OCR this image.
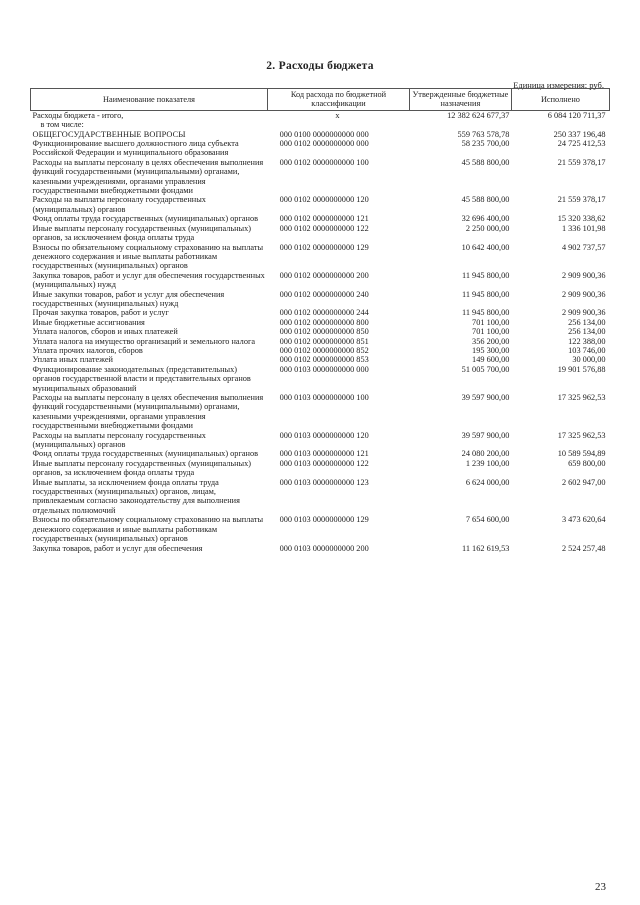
2. Расходы бюджета
Единица измерения: руб.
Наименование показателя	Код расхода по бюджетной классификации	Утвержденные бюджетные назначения	Исполнено
Расходы бюджета - итого,	x	12 382 624 677,37	6 084 120 711,37
в том числе:			
ОБЩЕГОСУДАРСТВЕННЫЕ ВОПРОСЫ	000 0100 0000000000 000	559 763 578,78	250 337 196,48
Функционирование высшего должностного лица субъекта Российской Федерации и муниципального образования	000 0102 0000000000 000	58 235 700,00	24 725 412,53
Расходы на выплаты персоналу в целях обеспечения выполнения функций государственными (муниципальными) органами, казенными учреждениями, органами управления государственными внебюджетными фондами	000 0102 0000000000 100	45 588 800,00	21 559 378,17
Расходы на выплаты персоналу государственных (муниципальных) органов	000 0102 0000000000 120	45 588 800,00	21 559 378,17
Фонд оплаты труда государственных (муниципальных) органов	000 0102 0000000000 121	32 696 400,00	15 320 338,62
Иные выплаты персоналу государственных (муниципальных) органов, за исключением фонда оплаты труда	000 0102 0000000000 122	2 250 000,00	1 336 101,98
Взносы по обязательному социальному страхованию на выплаты денежного содержания и иные выплаты работникам государственных (муниципальных) органов	000 0102 0000000000 129	10 642 400,00	4 902 737,57
Закупка товаров, работ и услуг для обеспечения государственных (муниципальных) нужд	000 0102 0000000000 200	11 945 800,00	2 909 900,36
Иные закупки товаров, работ и услуг для обеспечения государственных (муниципальных) нужд	000 0102 0000000000 240	11 945 800,00	2 909 900,36
Прочая закупка товаров, работ и услуг	000 0102 0000000000 244	11 945 800,00	2 909 900,36
Иные бюджетные ассигнования	000 0102 0000000000 800	701 100,00	256 134,00
Уплата налогов, сборов и иных платежей	000 0102 0000000000 850	701 100,00	256 134,00
Уплата налога на имущество организаций и земельного налога	000 0102 0000000000 851	356 200,00	122 388,00
Уплата прочих налогов, сборов	000 0102 0000000000 852	195 300,00	103 746,00
Уплата иных платежей	000 0102 0000000000 853	149 600,00	30 000,00
Функционирование законодательных (представительных) органов государственной власти и представительных органов муниципальных образований	000 0103 0000000000 000	51 005 700,00	19 901 576,88
Расходы на выплаты персоналу в целях обеспечения выполнения функций государственными (муниципальными) органами, казенными учреждениями, органами управления государственными внебюджетными фондами	000 0103 0000000000 100	39 597 900,00	17 325 962,53
Расходы на выплаты персоналу государственных (муниципальных) органов	000 0103 0000000000 120	39 597 900,00	17 325 962,53
Фонд оплаты труда государственных (муниципальных) органов	000 0103 0000000000 121	24 080 200,00	10 589 594,89
Иные выплаты персоналу государственных (муниципальных) органов, за исключением фонда оплаты труда	000 0103 0000000000 122	1 239 100,00	659 800,00
Иные выплаты, за исключением фонда оплаты труда государственных (муниципальных) органов, лицам, привлекаемым согласно законодательству для выполнения отдельных полномочий	000 0103 0000000000 123	6 624 000,00	2 602 947,00
Взносы по обязательному социальному страхованию на выплаты денежного содержания и иные выплаты работникам государственных (муниципальных) органов	000 0103 0000000000 129	7 654 600,00	3 473 620,64
Закупка товаров, работ и услуг для обеспечения	000 0103 0000000000 200	11 162 619,53	2 524 257,48
23
